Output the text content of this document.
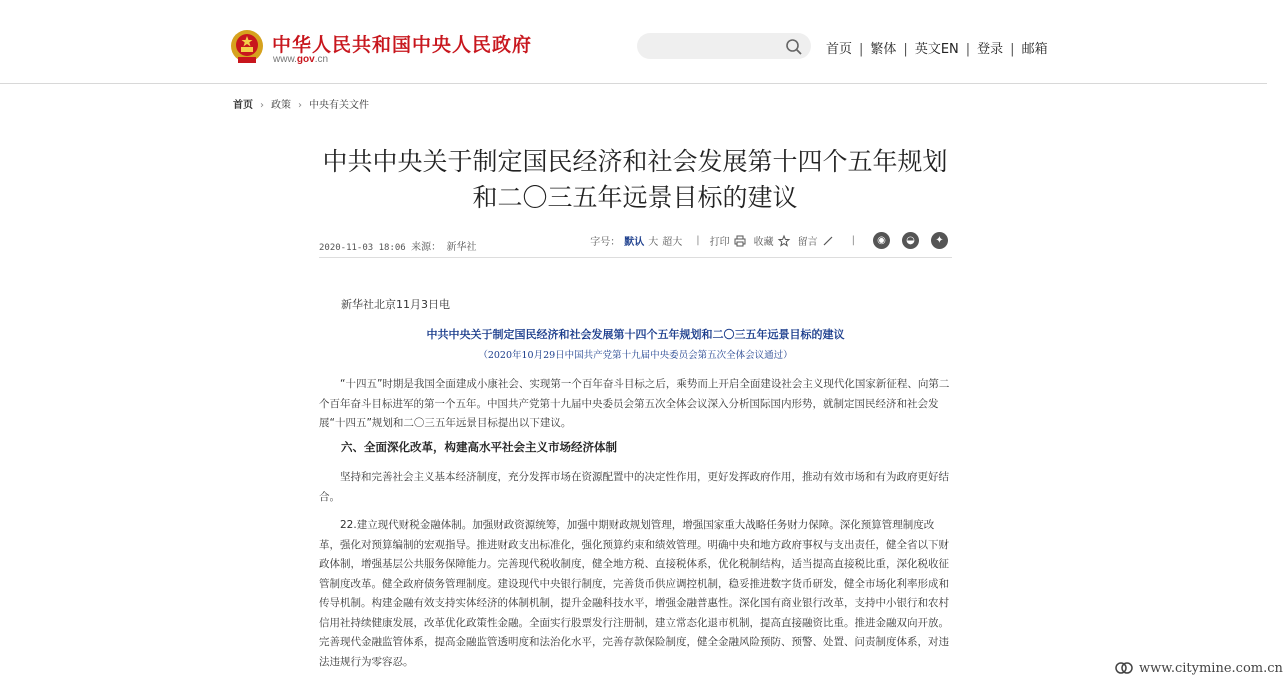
中华人民共和国中央人民政府
www.gov.cn
首页 | 繁体 | 英文EN | 登录 | 邮箱
首页 › 政策 › 中央有关文件
中共中央关于制定国民经济和社会发展第十四个五年规划
和二〇三五年远景目标的建议
2020-11-03 18:06 来源： 新华社	字号： 默认 大 超大 | 打印 收藏 留言	|	◉	◒	✦
新华社北京11月3日电
中共中央关于制定国民经济和社会发展第十四个五年规划和二〇三五年远景目标的建议
（2020年10月29日中国共产党第十九届中央委员会第五次全体会议通过）
“十四五”时期是我国全面建成小康社会、实现第一个百年奋斗目标之后，乘势而上开启全面建设社会主义现代化国家新征程、向第二个百年奋斗目标进军的第一个五年。中国共产党第十九届中央委员会第五次全体会议深入分析国际国内形势，就制定国民经济和社会发展“十四五”规划和二〇三五年远景目标提出以下建议。
六、全面深化改革，构建高水平社会主义市场经济体制
坚持和完善社会主义基本经济制度，充分发挥市场在资源配置中的决定性作用，更好发挥政府作用，推动有效市场和有为政府更好结合。
22.建立现代财税金融体制。加强财政资源统筹，加强中期财政规划管理，增强国家重大战略任务财力保障。深化预算管理制度改革，强化对预算编制的宏观指导。推进财政支出标准化，强化预算约束和绩效管理。明确中央和地方政府事权与支出责任，健全省以下财政体制，增强基层公共服务保障能力。完善现代税收制度，健全地方税、直接税体系，优化税制结构，适当提高直接税比重，深化税收征管制度改革。健全政府债务管理制度。建设现代中央银行制度，完善货币供应调控机制，稳妥推进数字货币研发，健全市场化利率形成和传导机制。构建金融有效支持实体经济的体制机制，提升金融科技水平，增强金融普惠性。深化国有商业银行改革，支持中小银行和农村信用社持续健康发展，改革优化政策性金融。全面实行股票发行注册制，建立常态化退市机制，提高直接融资比重。推进金融双向开放。完善现代金融监管体系，提高金融监管透明度和法治化水平，完善存款保险制度，健全金融风险预防、预警、处置、问责制度体系，对违法违规行为零容忍。	www.citymine.com.cn
